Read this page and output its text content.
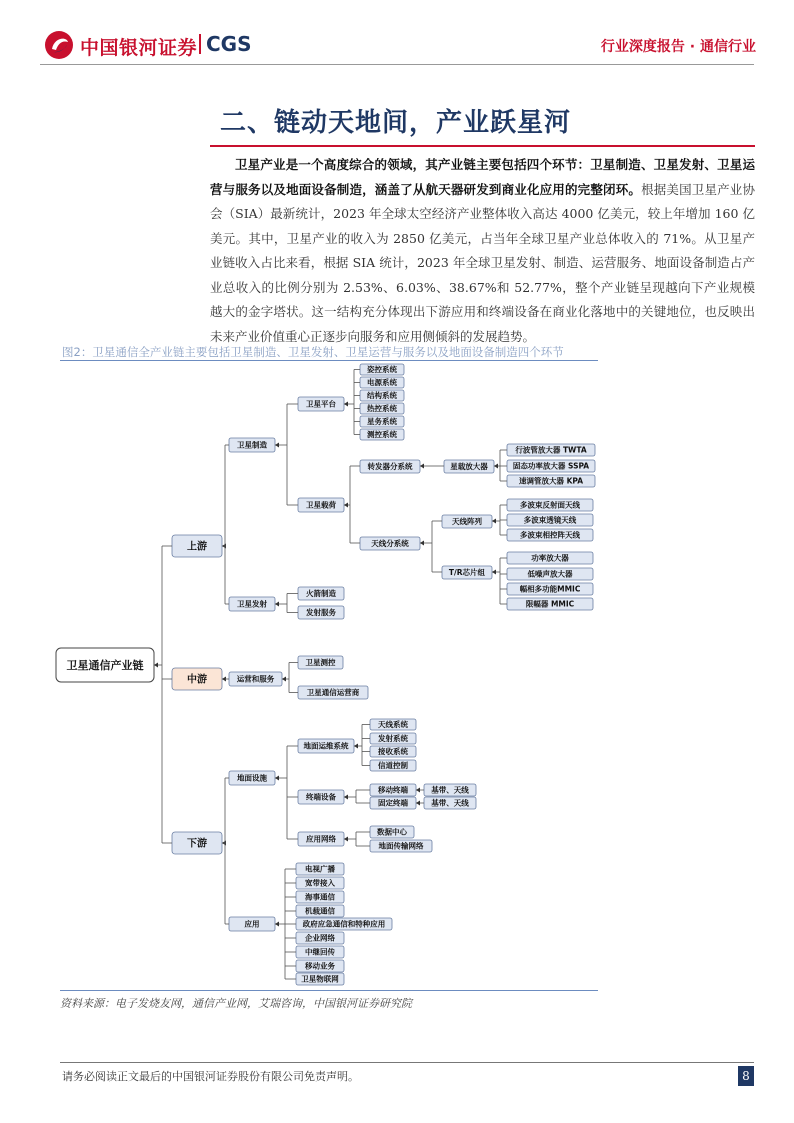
中国银河证券 CGS	行业深度报告 · 通信行业
二、链动天地间，产业跃星河
卫星产业是一个高度综合的领域，其产业链主要包括四个环节：卫星制造、卫星发射、卫星运营与服务以及地面设备制造，涵盖了从航天器研发到商业化应用的完整闭环。根据美国卫星产业协会（SIA）最新统计，2023 年全球太空经济产业整体收入高达 4000 亿美元，较上年增加 160 亿美元。其中，卫星产业的收入为 2850 亿美元，占当年全球卫星产业总体收入的 71%。从卫星产业链收入占比来看，根据 SIA 统计，2023 年全球卫星发射、制造、运营服务、地面设备制造占产业总收入的比例分别为 2.53%、6.03%、38.67%和 52.77%，整个产业链呈现越向下产业规模越大的金字塔状。这一结构充分体现出下游应用和终端设备在商业化落地中的关键地位，也反映出未来产业价值重心正逐步向服务和应用侧倾斜的发展趋势。
图2：卫星通信全产业链主要包括卫星制造、卫星发射、卫星运营与服务以及地面设备制造四个环节
卫星通信产业链
上游
中游
下游
卫星制造
卫星发射
卫星平台
卫星载荷
姿控系统
电源系统
结构系统
热控系统
星务系统
测控系统
转发器分系统
天线分系统
星载放大器
行波管放大器 TWTA
固态功率放大器 SSPA
速调管放大器 KPA
天线阵列
T/R芯片组
多波束反射面天线
多波束透镜天线
多波束相控阵天线
功率放大器
低噪声放大器
幅相多功能MMIC
限幅器 MMIC
火箭制造
发射服务
运营和服务
卫星测控
卫星通信运营商
地面设施
应用
地面运维系统
终端设备
应用网络
天线系统
发射系统
接收系统
信道控制
移动终端
固定终端
基带、天线
基带、天线
数据中心
地面传输网络
电视广播
宽带接入
海事通信
机载通信
政府应急通信和特种应用
企业网络
中继回传
移动业务
卫星物联网
资料来源：电子发烧友网，通信产业网，艾瑞咨询，中国银河证券研究院
请务必阅读正文最后的中国银河证券股份有限公司免责声明。	8
